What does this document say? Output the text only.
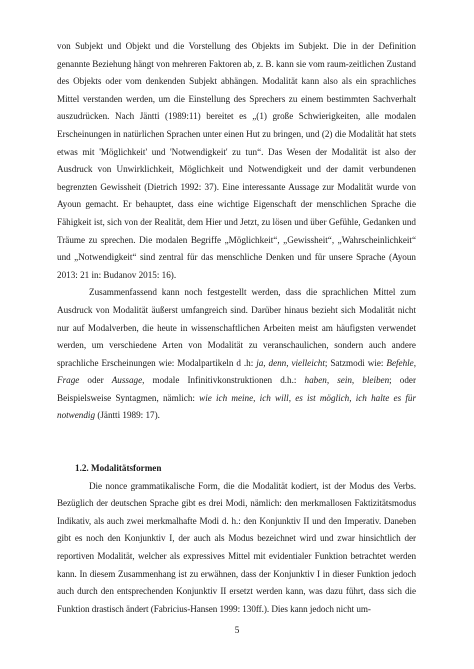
von Subjekt und Objekt und die Vorstellung des Objekts im Subjekt. Die in der Definition genannte Beziehung hängt von mehreren Faktoren ab, z. B. kann sie vom raum-zeitlichen Zustand des Objekts oder vom denkenden Subjekt abhängen. Modalität kann also als ein sprachliches Mittel verstanden werden, um die Einstellung des Sprechers zu einem bestimmten Sachverhalt auszudrücken. Nach Jäntti (1989:11) bereitet es „(1) große Schwierigkeiten, alle modalen Erscheinungen in natürlichen Sprachen unter einen Hut zu bringen, und (2) die Modalität hat stets etwas mit 'Möglichkeit' und 'Notwendigkeit' zu tun“. Das Wesen der Modalität ist also der Ausdruck von Unwirklichkeit, Möglichkeit und Notwendigkeit und der damit verbundenen begrenzten Gewissheit (Dietrich 1992: 37). Eine interessante Aussage zur Modalität wurde von Ayoun gemacht. Er behauptet, dass eine wichtige Eigenschaft der menschlichen Sprache die Fähigkeit ist, sich von der Realität, dem Hier und Jetzt, zu lösen und über Gefühle, Gedanken und Träume zu sprechen. Die modalen Begriffe „Möglichkeit“, „Gewissheit“, „Wahrscheinlichkeit“ und „Notwendigkeit“ sind zentral für das menschliche Denken und für unsere Sprache (Ayoun 2013: 21 in: Budanov 2015: 16).

Zusammenfassend kann noch festgestellt werden, dass die sprachlichen Mittel zum Ausdruck von Modalität äußerst umfangreich sind. Darüber hinaus bezieht sich Modalität nicht nur auf Modalverben, die heute in wissenschaftlichen Arbeiten meist am häufigsten verwendet werden, um verschiedene Arten von Modalität zu veranschaulichen, sondern auch andere sprachliche Erscheinungen wie: Modalpartikeln d .h: ja, denn, vielleicht; Satzmodi wie: Befehle, Frage oder Aussage, modale Infinitivkonstruktionen d.h.: haben, sein, bleiben; oder Beispielsweise Syntagmen, nämlich: wie ich meine, ich will, es ist möglich, ich halte es für notwendig (Jäntti 1989: 17).

1.2. Modalitätsformen

Die nonce grammatikalische Form, die die Modalität kodiert, ist der Modus des Verbs. Bezüglich der deutschen Sprache gibt es drei Modi, nämlich: den merkmallosen Faktizitätsmodus Indikativ, als auch zwei merkmalhafte Modi d. h.: den Konjunktiv II und den Imperativ. Daneben gibt es noch den Konjunktiv I, der auch als Modus bezeichnet wird und zwar hinsichtlich der reportiven Modalität, welcher als expressives Mittel mit evidentialer Funktion betrachtet werden kann. In diesem Zusammenhang ist zu erwähnen, dass der Konjunktiv I in dieser Funktion jedoch auch durch den entsprechenden Konjunktiv II ersetzt werden kann, was dazu führt, dass sich die Funktion drastisch ändert (Fabricius-Hansen 1999: 130ff.). Dies kann jedoch nicht um-

5
